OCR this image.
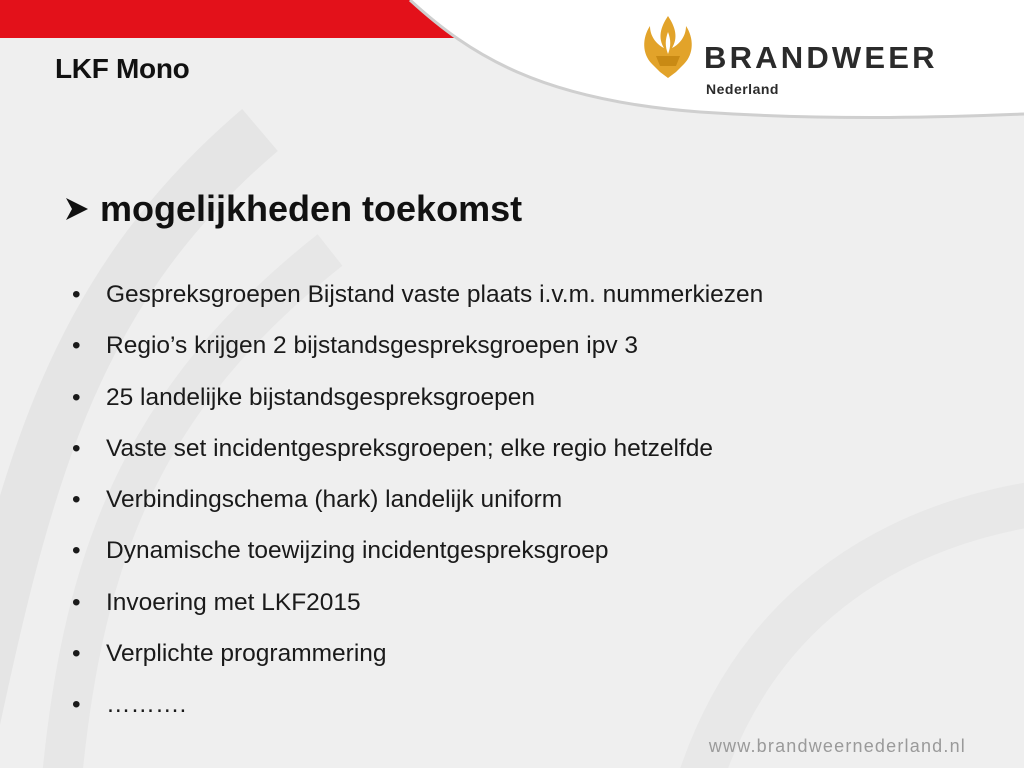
LKF Mono	BRANDWEER
Nederland
mogelijkheden toekomst
• Gespreksgroepen Bijstand vaste plaats i.v.m. nummerkiezen
• Regio’s krijgen 2 bijstandsgespreksgroepen ipv 3
• 25 landelijke bijstandsgespreksgroepen
• Vaste set incidentgespreksgroepen; elke regio hetzelfde
• Verbindingschema (hark) landelijk uniform
• Dynamische toewijzing incidentgespreksgroep
• Invoering met LKF2015
• Verplichte programmering
• ……….
www.brandweernederland.nl
